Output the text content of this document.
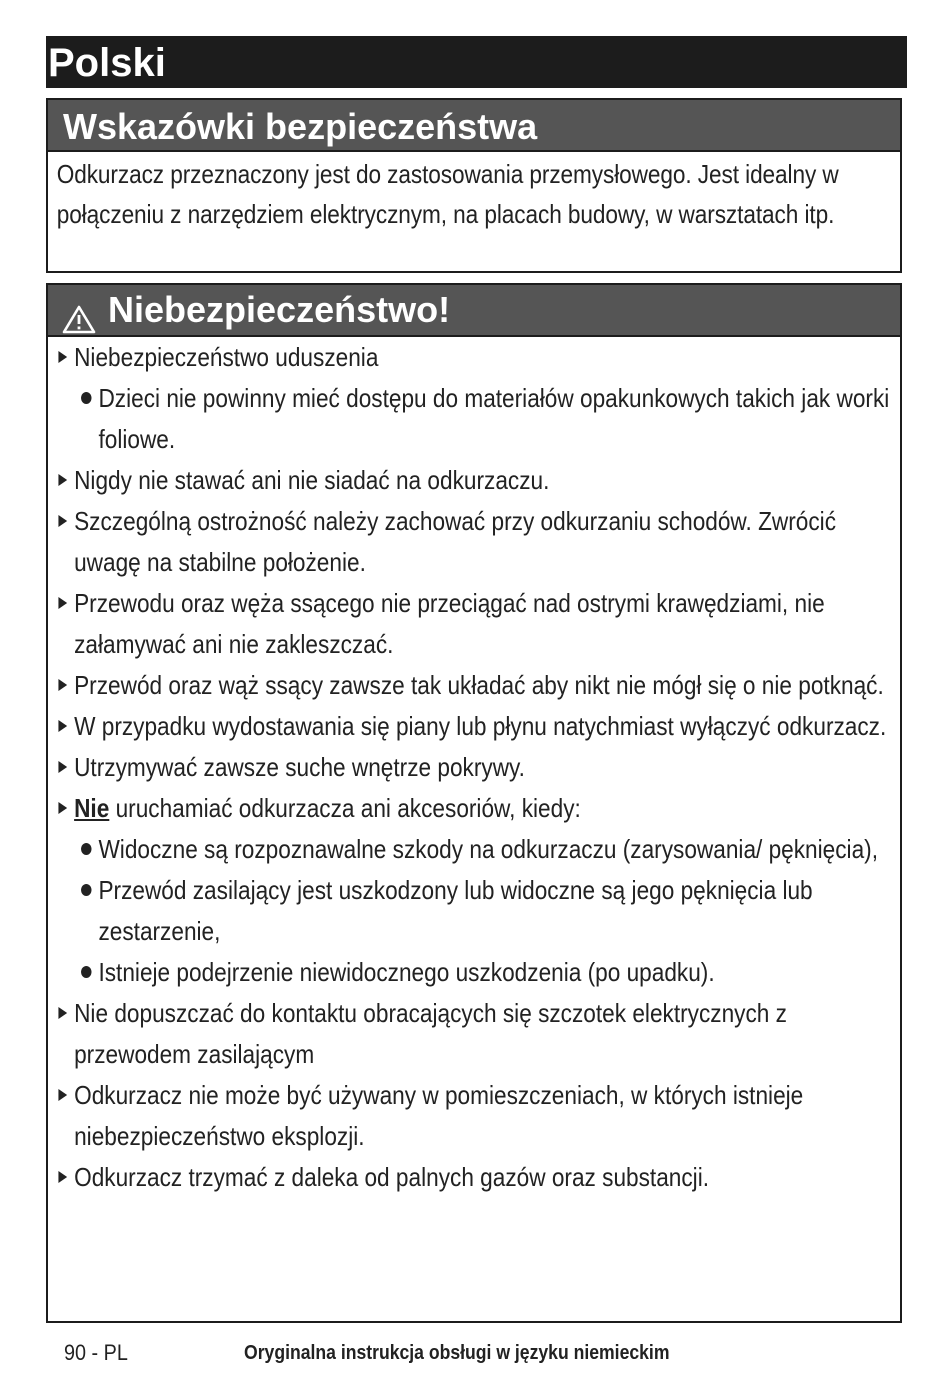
Polski
Wskazówki bezpieczeństwa
Odkurzacz przeznaczony jest do zastosowania przemysłowego. Jest idealny w połączeniu z narzędziem elektrycznym, na placach budowy, w warsztatach itp.
Niebezpieczeństwo!
Niebezpieczeństwo uduszenia
Dzieci nie powinny mieć dostępu do materiałów opakunkowych takich jak worki foliowe.
Nigdy nie stawać ani nie siadać na odkurzaczu.
Szczególną ostrożność należy zachować przy odkurzaniu schodów. Zwrócić uwagę na stabilne położenie.
Przewodu oraz węża ssącego nie przeciągać nad ostrymi krawędziami, nie załamywać ani nie zakleszczać.
Przewód oraz wąż ssący zawsze tak układać aby nikt nie mógł się o nie potknąć.
W przypadku wydostawania się piany lub płynu natychmiast wyłączyć odkurzacz.
Utrzymywać zawsze suche wnętrze pokrywy.
Nie uruchamiać odkurzacza ani akcesoriów, kiedy:
Widoczne są rozpoznawalne szkody na odkurzaczu (zarysowania/ pęknięcia),
Przewód zasilający jest uszkodzony lub widoczne są jego pęknięcia lub zestarzenie,
Istnieje podejrzenie niewidocznego uszkodzenia (po upadku).
Nie dopuszczać do kontaktu obracających się szczotek elektrycznych z przewodem zasilającym
Odkurzacz nie może być używany w pomieszczeniach, w których istnieje niebezpieczeństwo eksplozji.
Odkurzacz trzymać z daleka od palnych gazów oraz substancji.
90 - PL	Oryginalna instrukcja obsługi w języku niemieckim
